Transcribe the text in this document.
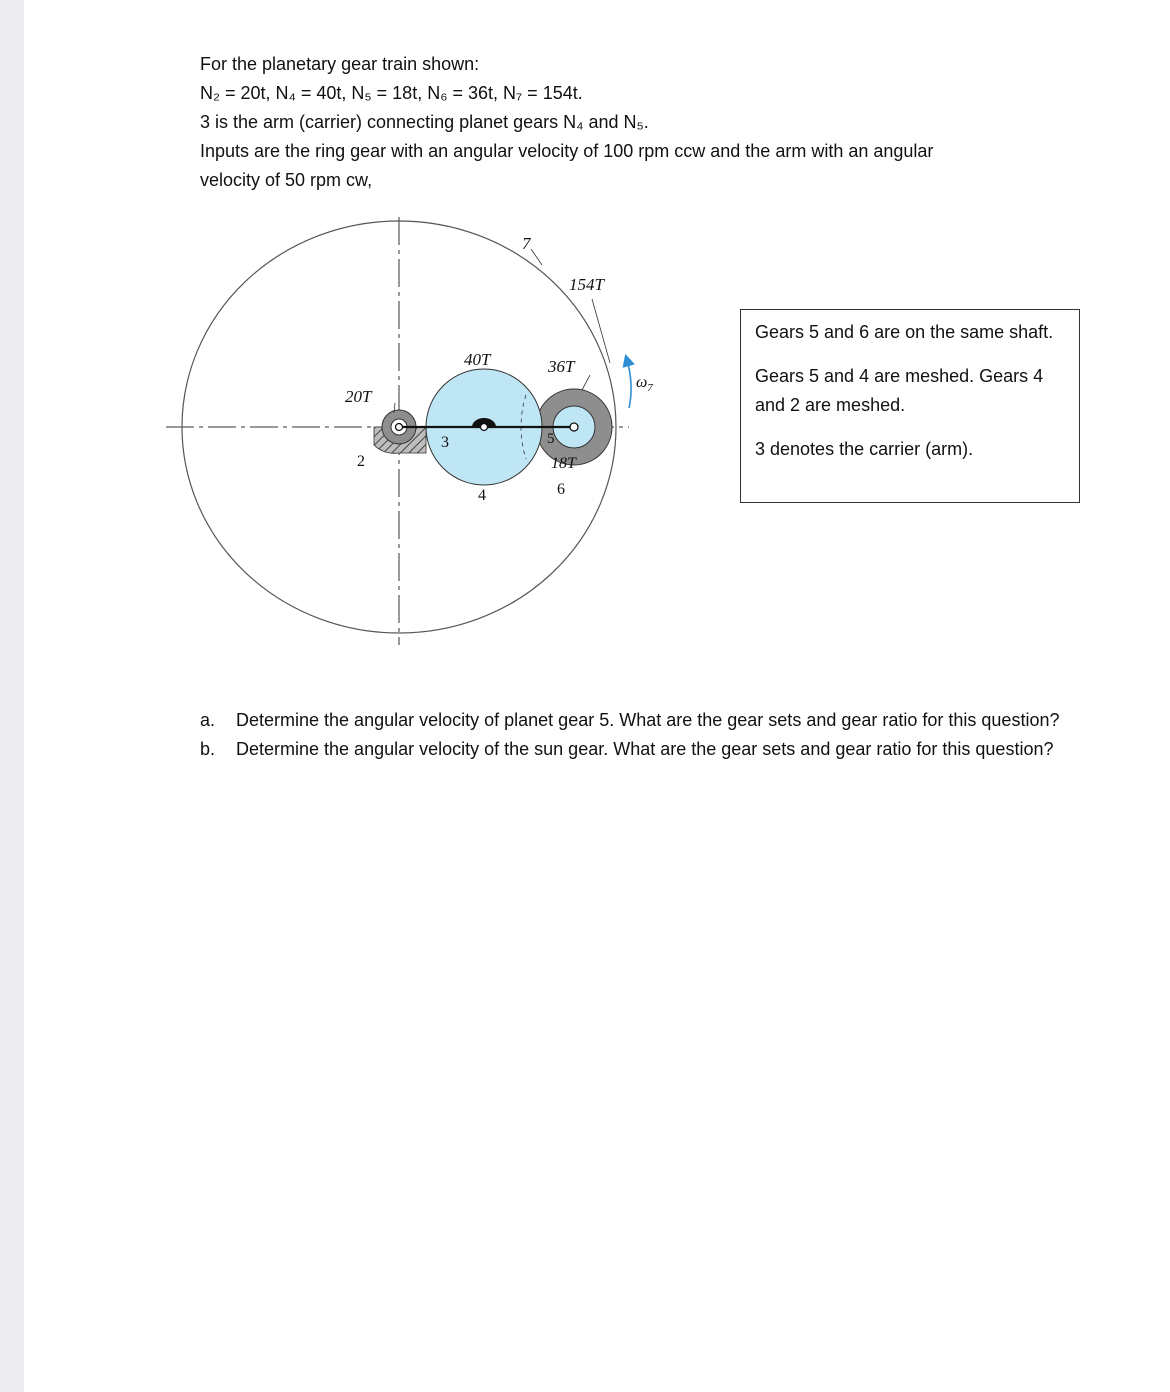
For the planetary gear train shown:
N₂ = 20t, N₄ = 40t, N₅ = 18t, N₆ = 36t, N₇ = 154t.
3 is the arm (carrier) connecting planet gears N₄ and N₅.
Inputs are the ring gear with an angular velocity of 100 rpm ccw and the arm with an angular
velocity of 50 rpm cw,
7
154T
40T	36T
20T
2
3
4
5
18T
6
$\omega_7$

Gears 5 and 6 are on the same shaft.

Gears 5 and 4 are meshed. Gears 4 and 2 are meshed.

3 denotes the carrier (arm).

a.	Determine the angular velocity of planet gear 5. What are the gear sets and gear ratio for this question?
b.	Determine the angular velocity of the sun gear. What are the gear sets and gear ratio for this question?
